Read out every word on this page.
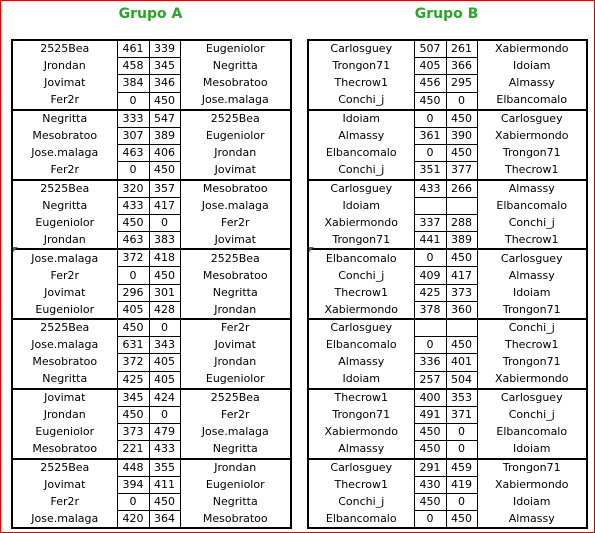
Grupo A	Grupo B
2525Bea	461	339	Eugeniolor
Jrondan	458	345	Negritta
Jovimat	384	346	Mesobratoo
Fer2r	0	450	Jose.malaga
Negritta	333	547	2525Bea
Mesobratoo	307	389	Eugeniolor
Jose.malaga	463	406	Jrondan
Fer2r	0	450	Jovimat
2525Bea	320	357	Mesobratoo
Negritta	433	417	Jose.malaga
Eugeniolor	450	0	Fer2r
Jrondan	463	383	Jovimat
Jose.malaga	372	418	2525Bea
Fer2r	0	450	Mesobratoo
Jovimat	296	301	Negritta
Eugeniolor	405	428	Jrondan
2525Bea	450	0	Fer2r
Jose.malaga	631	343	Jovimat
Mesobratoo	372	405	Jrondan
Negritta	425	405	Eugeniolor
Jovimat	345	424	2525Bea
Jrondan	450	0	Fer2r
Eugeniolor	373	479	Jose.malaga
Mesobratoo	221	433	Negritta
2525Bea	448	355	Jrondan
Jovimat	394	411	Eugeniolor
Fer2r	0	450	Negritta
Jose.malaga	420	364	Mesobratoo
Carlosguey	507	261	Xabiermondo
Trongon71	405	366	Idoiam
Thecrow1	456	295	Almassy
Conchi_j	450	0	Elbancomalo
Idoiam	0	450	Carlosguey
Almassy	361	390	Xabiermondo
Elbancomalo	0	450	Trongon71
Conchi_j	351	377	Thecrow1
Carlosguey	433	266	Almassy
Idoiam			Elbancomalo
Xabiermondo	337	288	Conchi_j
Trongon71	441	389	Thecrow1
Elbancomalo	0	450	Carlosguey
Conchi_j	409	417	Almassy
Thecrow1	425	373	Idoiam
Xabiermondo	378	360	Trongon71
Carlosguey			Conchi_j
Elbancomalo	0	450	Thecrow1
Almassy	336	401	Trongon71
Idoiam	257	504	Xabiermondo
Thecrow1	400	353	Carlosguey
Trongon71	491	371	Conchi_j
Xabiermondo	450	0	Elbancomalo
Almassy	450	0	Idoiam
Carlosguey	291	459	Trongon71
Thecrow1	430	419	Xabiermondo
Conchi_j	450	0	Idoiam
Elbancomalo	0	450	Almassy
